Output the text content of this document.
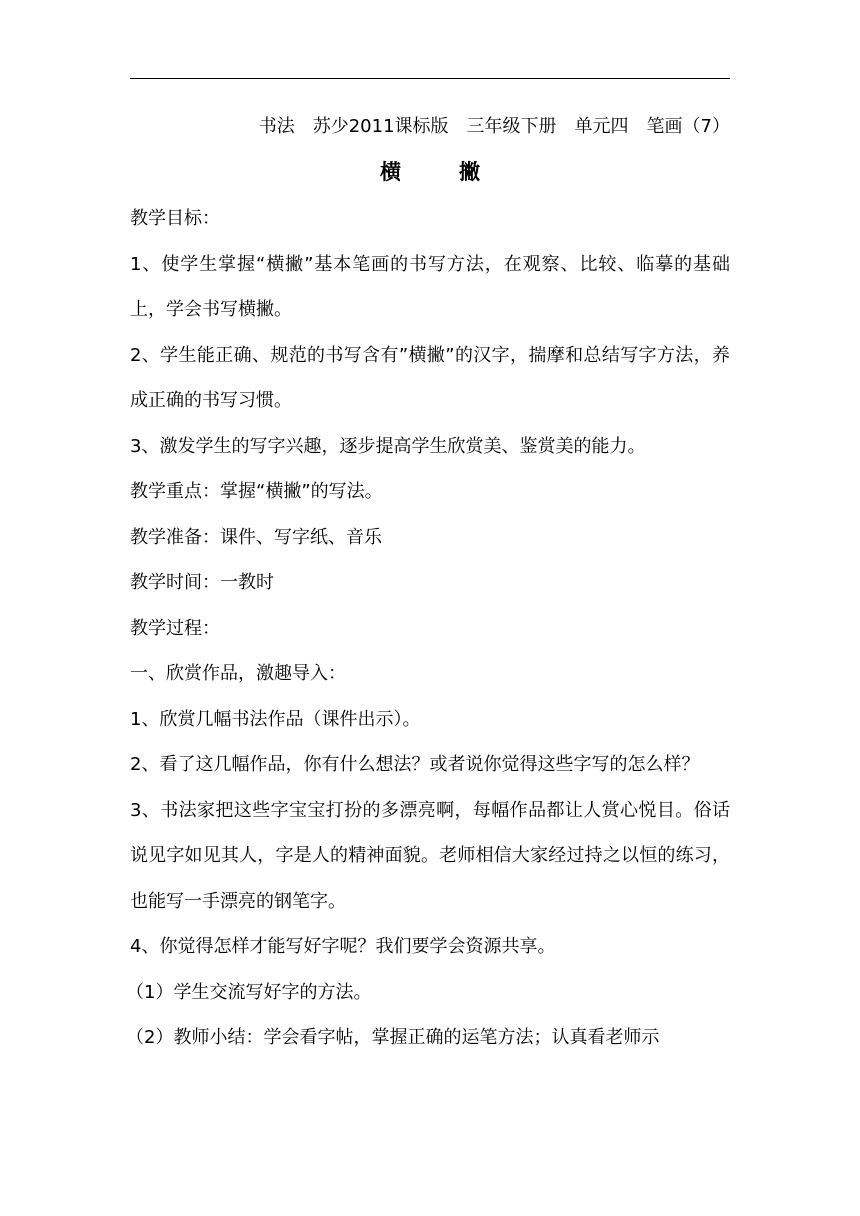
书法　苏少2011课标版　三年级下册　单元四　笔画（7）
横	撇

教学目标：

1、使学生掌握“横撇”基本笔画的书写方法，在观察、比较、临摹的基础上，学会书写横撇。

2、学生能正确、规范的书写含有”横撇”的汉字，揣摩和总结写字方法，养成正确的书写习惯。

3、激发学生的写字兴趣，逐步提高学生欣赏美、鉴赏美的能力。

教学重点：掌握“横撇”的写法。

教学准备：课件、写字纸、音乐

教学时间：一教时

教学过程：

一、欣赏作品，激趣导入：

1、欣赏几幅书法作品（课件出示）。

2、看了这几幅作品，你有什么想法？或者说你觉得这些字写的怎么样？

3、书法家把这些字宝宝打扮的多漂亮啊，每幅作品都让人赏心悦目。俗话说见字如见其人，字是人的精神面貌。老师相信大家经过持之以恒的练习，也能写一手漂亮的钢笔字。

4、你觉得怎样才能写好字呢？我们要学会资源共享。

（1）学生交流写好字的方法。

（2）教师小结：学会看字帖，掌握正确的运笔方法；认真看老师示
